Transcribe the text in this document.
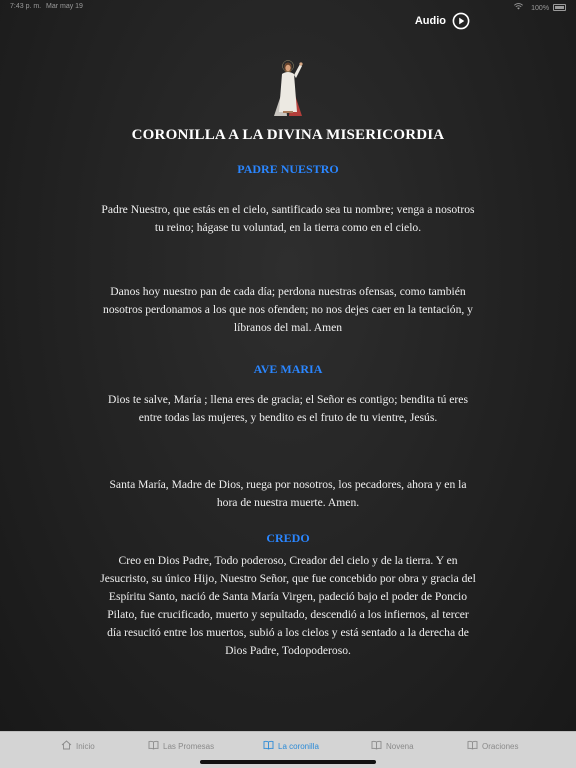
7:43 p. m. Mar may 19	100%
Audio
CORONILLA A LA DIVINA MISERICORDIA
PADRE NUESTRO
Padre Nuestro, que estás en el cielo, santificado sea tu nombre; venga a nosotros tu reino; hágase tu voluntad, en la tierra como en el cielo.
Danos hoy nuestro pan de cada día; perdona nuestras ofensas, como también nosotros perdonamos a los que nos ofenden; no nos dejes caer en la tentación, y líbranos del mal. Amen
AVE MARIA
Dios te salve, María ; llena eres de gracia; el Señor es contigo; bendita tú eres entre todas las mujeres, y bendito es el fruto de tu vientre, Jesús.
Santa María, Madre de Dios, ruega por nosotros, los pecadores, ahora y en la hora de nuestra muerte. Amen.
CREDO
Creo en Dios Padre, Todo poderoso, Creador del cielo y de la tierra. Y en Jesucristo, su único Hijo, Nuestro Señor, que fue concebido por obra y gracia del Espíritu Santo, nació de Santa María Virgen, padeció bajo el poder de Poncio Pilato, fue crucificado, muerto y sepultado, descendió a los infiernos, al tercer día resucitó entre los muertos, subió a los cielos y está sentado a la derecha de Dios Padre, Todopoderoso.
Inicio	Las Promesas	La coronilla	Novena	Oraciones
